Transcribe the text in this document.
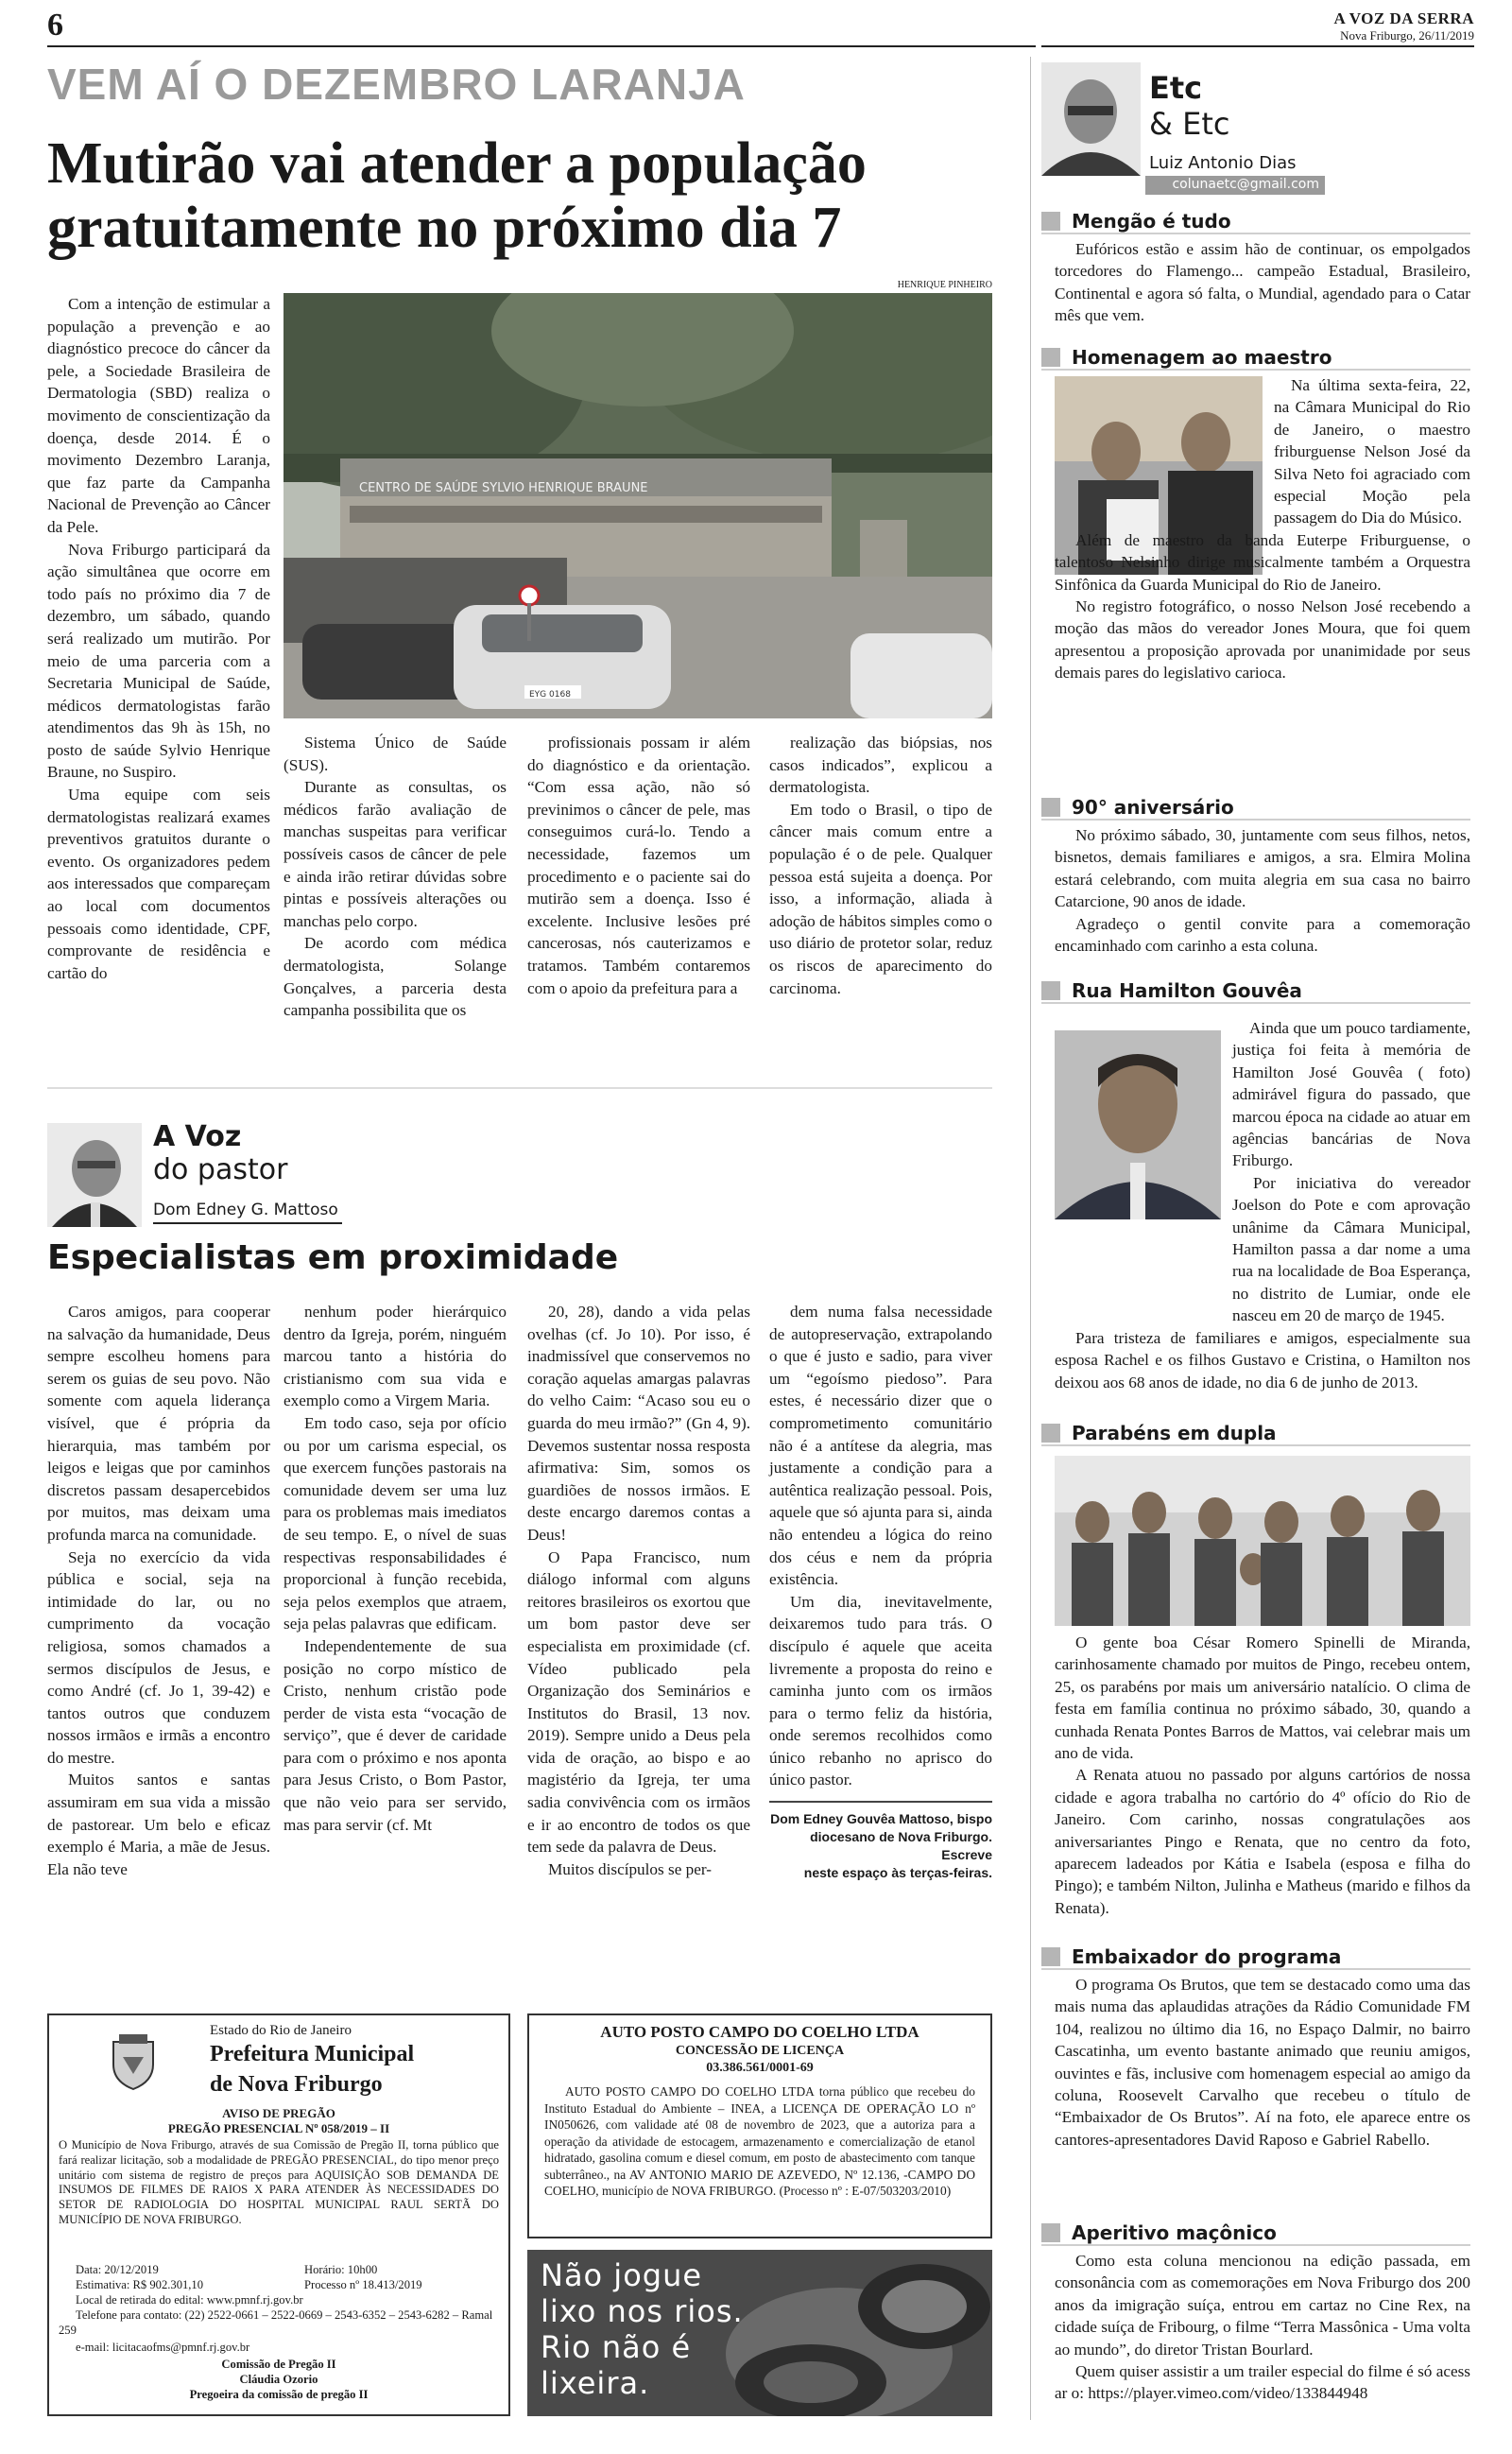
6	A VOZ DA SERRA
Nova Friburgo, 26/11/2019
VEM AÍ O DEZEMBRO LARANJA
Mutirão vai atender a população
gratuitamente no próximo dia 7
HENRIQUE PINHEIRO
CENTRO DE SAÚDE SYLVIO HENRIQUE BRAUNE
EYG 0168

Com a intenção de estimular a população a prevenção e ao diagnóstico precoce do câncer da pele, a Sociedade Brasileira de Dermatologia (SBD) realiza o movimento de conscientização da doença, desde 2014. É o movimento Dezembro Laranja, que faz parte da Campanha Nacional de Prevenção ao Câncer da Pele.

Nova Friburgo participará da ação simultânea que ocorre em todo país no próximo dia 7 de dezembro, um sábado, quando será realizado um mutirão. Por meio de uma parceria com a Secretaria Municipal de Saúde, médicos dermatologistas farão atendimentos das 9h às 15h, no posto de saúde Sylvio Henrique Braune, no Suspiro.

Uma equipe com seis dermatologistas realizará exames preventivos gratuitos durante o evento. Os organizadores pedem aos interessados que compareçam ao local com documentos pessoais como identidade, CPF, comprovante de residência e cartão do

Sistema Único de Saúde (SUS).

Durante as consultas, os médicos farão avaliação de manchas suspeitas para verificar possíveis casos de câncer de pele e ainda irão retirar dúvidas sobre pintas e possíveis alterações ou manchas pelo corpo.

De acordo com médica dermatologista, Solange Gonçalves, a parceria desta campanha possibilita que os

profissionais possam ir além do diagnóstico e da orientação. “Com essa ação, não só previnimos o câncer de pele, mas conseguimos curá-lo. Tendo a necessidade, fazemos um procedimento e o paciente sai do mutirão sem a doença. Isso é excelente. Inclusive lesões pré cancerosas, nós cauterizamos e tratamos. Também contaremos com o apoio da prefeitura para a

realização das biópsias, nos casos indicados”, explicou a dermatologista.

Em todo o Brasil, o tipo de câncer mais comum entre a população é o de pele. Qualquer pessoa está sujeita a doença. Por isso, a informação, aliada à adoção de hábitos simples como o uso diário de protetor solar, reduz os riscos de aparecimento do carcinoma.

A Voz
do pastor
Dom Edney G. Mattoso
Especialistas em proximidade

Caros amigos, para cooperar na salvação da humanidade, Deus sempre escolheu homens para serem os guias de seu povo. Não somente com aquela liderança visível, que é própria da hierarquia, mas também por leigos e leigas que por caminhos discretos passam desapercebidos por muitos, mas deixam uma profunda marca na comunidade.

Seja no exercício da vida pública e social, seja na intimidade do lar, ou no cumprimento da vocação religiosa, somos chamados a sermos discípulos de Jesus, e como André (cf. Jo 1, 39-42) e tantos outros que conduzem nossos irmãos e irmãs a encontro do mestre.

Muitos santos e santas assumiram em sua vida a missão de pastorear. Um belo e eficaz exemplo é Maria, a mãe de Jesus. Ela não teve

nenhum poder hierárquico dentro da Igreja, porém, ninguém marcou tanto a história do cristianismo com sua vida e exemplo como a Virgem Maria.

Em todo caso, seja por ofício ou por um carisma especial, os que exercem funções pastorais na comunidade devem ser uma luz para os problemas mais imediatos de seu tempo. E, o nível de suas respectivas responsabilidades é proporcional à função recebida, seja pelos exemplos que atraem, seja pelas palavras que edificam.

Independentemente de sua posição no corpo místico de Cristo, nenhum cristão pode perder de vista esta “vocação de serviço”, que é dever de caridade para com o próximo e nos aponta para Jesus Cristo, o Bom Pastor, que não veio para ser servido, mas para servir (cf. Mt

20, 28), dando a vida pelas ovelhas (cf. Jo 10). Por isso, é inadmissível que conservemos no coração aquelas amargas palavras do velho Caim: “Acaso sou eu o guarda do meu irmão?” (Gn 4, 9). Devemos sustentar nossa resposta afirmativa: Sim, somos os guardiões de nossos irmãos. E deste encargo daremos contas a Deus!

O Papa Francisco, num diálogo informal com alguns reitores brasileiros os exortou que um bom pastor deve ser especialista em proximidade (cf. Vídeo publicado pela Organização dos Seminários e Institutos do Brasil, 13 nov. 2019). Sempre unido a Deus pela vida de oração, ao bispo e ao magistério da Igreja, ter uma sadia convivência com os irmãos e ir ao encontro de todos os que tem sede da palavra de Deus.

Muitos discípulos se per-

dem numa falsa necessidade de autopreservação, extrapolando o que é justo e sadio, para viver um “egoísmo piedoso”. Para estes, é necessário dizer que o comprometimento comunitário não é a antítese da alegria, mas justamente a condição para a autêntica realização pessoal. Pois, aquele que só ajunta para si, ainda não entendeu a lógica do reino dos céus e nem da própria existência.

Um dia, inevitavelmente, deixaremos tudo para trás. O discípulo é aquele que aceita livremente a proposta do reino e caminha junto com os irmãos para o termo feliz da história, onde seremos recolhidos como único rebanho no aprisco do único pastor.

Dom Edney Gouvêa Mattoso, bispo
diocesano de Nova Friburgo. Escreve
neste espaço às terças-feiras.
Estado do Rio de Janeiro
Prefeitura Municipal
de Nova Friburgo
AVISO DE PREGÃO
PREGÃO PRESENCIAL Nº 058/2019 – II
O Município de Nova Friburgo, através de sua Comissão de Pregão II, torna público que fará realizar licitação, sob a modalidade de PREGÃO PRESENCIAL, do tipo menor preço unitário com sistema de registro de preços para AQUISIÇÃO SOB DEMANDA DE INSUMOS DE FILMES DE RAIOS X PARA ATENDER ÀS NECESSIDADES DO SETOR DE RADIOLOGIA DO HOSPITAL MUNICIPAL RAUL SERTÃ DO MUNICÍPIO DE NOVA FRIBURGO.
Data: 20/12/2019	Horário: 10h00
Estimativa: R$ 902.301,10	Processo nº 18.413/2019
Local de retirada do edital: www.pmnf.rj.gov.br
Telefone para contato: (22) 2522-0661 – 2522-0669 – 2543-6352 – 2543-6282 – Ramal 259
e-mail: licitacaofms@pmnf.rj.gov.br
Comissão de Pregão II
Cláudia Ozorio
Pregoeira da comissão de pregão II
AUTO POSTO CAMPO DO COELHO LTDA
CONCESSÃO DE LICENÇA
03.386.561/0001-69
AUTO POSTO CAMPO DO COELHO LTDA torna público que recebeu do Instituto Estadual do Ambiente – INEA, a LICENÇA DE OPERAÇÃO LO nº IN050626, com validade até 08 de novembro de 2023, que a autoriza para a operação da atividade de estocagem, armazenamento e comercialização de etanol hidratado, gasolina comum e diesel comum, em posto de abastecimento com tanque subterrâneo., na AV ANTONIO MARIO DE AZEVEDO, Nº 12.136, -CAMPO DO COELHO, município de NOVA FRIBURGO. (Processo nº : E-07/503203/2010)
Não jogue
lixo nos rios.
Rio não é
lixeira.
Etc
& Etc
Luiz Antonio Dias
colunaetc@gmail.com
Mengão é tudo

Eufóricos estão e assim hão de continuar, os empolgados torcedores do Flamengo... campeão Estadual, Brasileiro, Continental e agora só falta, o Mundial, agendado para o Catar mês que vem.

Homenagem ao maestro

Na última sexta-feira, 22, na Câmara Municipal do Rio de Janeiro, o maestro friburguense Nelson José da Silva Neto foi agraciado com especial Moção pela passagem do Dia do Músico.

Além de maestro da banda Euterpe Friburguense, o talentoso Nelsinho dirige musicalmente também a Orquestra Sinfônica da Guarda Municipal do Rio de Janeiro.

No registro fotográfico, o nosso Nelson José recebendo a moção das mãos do vereador Jones Moura, que foi quem apresentou a proposição aprovada por unanimidade por seus demais pares do legislativo carioca.

90° aniversário

No próximo sábado, 30, juntamente com seus filhos, netos, bisnetos, demais familiares e amigos, a sra. Elmira Molina estará celebrando, com muita alegria em sua casa no bairro Catarcione, 90 anos de idade.

Agradeço o gentil convite para a comemoração encaminhado com carinho a esta coluna.

Rua Hamilton Gouvêa

Ainda que um pouco tardiamente, justiça foi feita à memória de Hamilton José Gouvêa ( foto) admirável figura do passado, que marcou época na cidade ao atuar em agências bancárias de Nova Friburgo.

Por iniciativa do vereador Joelson do Pote e com aprovação unânime da Câmara Municipal, Hamilton passa a dar nome a uma rua na localidade de Boa Esperança, no distrito de Lumiar, onde ele nasceu em 20 de março de 1945.

Para tristeza de familiares e amigos, especialmente sua esposa Rachel e os filhos Gustavo e Cristina, o Hamilton nos deixou aos 68 anos de idade, no dia 6 de junho de 2013.

Parabéns em dupla

O gente boa César Romero Spinelli de Miranda, carinhosamente chamado por muitos de Pingo, recebeu ontem, 25, os parabéns por mais um aniversário natalício. O clima de festa em família continua no próximo sábado, 30, quando a cunhada Renata Pontes Barros de Mattos, vai celebrar mais um ano de vida.

A Renata atuou no passado por alguns cartórios de nossa cidade e agora trabalha no cartório do 4º ofício do Rio de Janeiro. Com carinho, nossas congratulações aos aniversariantes Pingo e Renata, que no centro da foto, aparecem ladeados por Kátia e Isabela (esposa e filha do Pingo); e também Nilton, Julinha e Matheus (marido e filhos da Renata).

Embaixador do programa

O programa Os Brutos, que tem se destacado como uma das mais numa das aplaudidas atrações da Rádio Comunidade FM 104, realizou no último dia 16, no Espaço Dalmir, no bairro Cascatinha, um evento bastante animado que reuniu amigos, ouvintes e fãs, inclusive com homenagem especial ao amigo da coluna, Roosevelt Carvalho que recebeu o título de “Embaixador de Os Brutos”. Aí na foto, ele aparece entre os cantores-apresentadores David Raposo e Gabriel Rabello.

Aperitivo maçônico

Como esta coluna mencionou na edição passada, em consonância com as comemorações em Nova Friburgo dos 200 anos da imigração suíça, entrou em cartaz no Cine Rex, na cidade suíça de Fribourg, o filme “Terra Massônica - Uma volta ao mundo”, do diretor Tristan Bourlard.

Quem quiser assistir a um trailer especial do filme é só acessar o: https://player.vimeo.com/video/133844948
